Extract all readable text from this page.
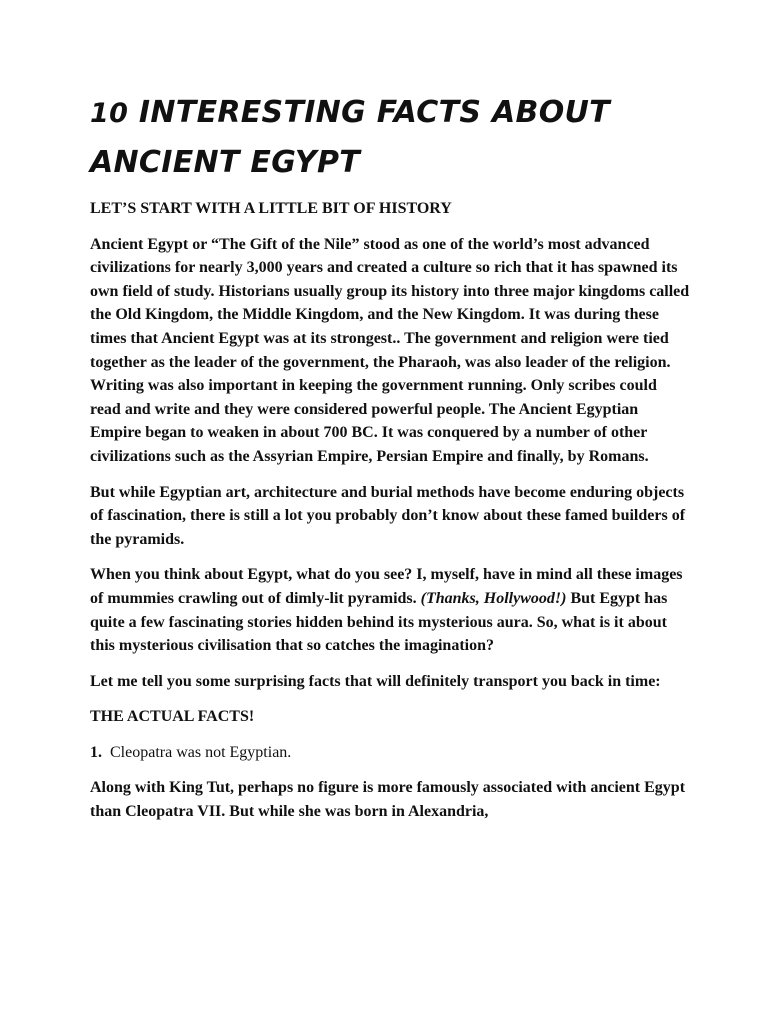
10 INTERESTING FACTS ABOUT ANCIENT EGYPT
LET’S START WITH A LITTLE BIT OF HISTORY
Ancient Egypt or “The Gift of the Nile” stood as one of the world’s most advanced civilizations for nearly 3,000 years and created a culture so rich that it has spawned its own field of study. Historians usually group its history into three major kingdoms called the Old Kingdom, the Middle Kingdom, and the New Kingdom. It was during these times that Ancient Egypt was at its strongest.. The government and religion were tied together as the leader of the government, the Pharaoh, was also leader of the religion. Writing was also important in keeping the government running. Only scribes could read and write and they were considered powerful people. The Ancient Egyptian Empire began to weaken in about 700 BC. It was conquered by a number of other civilizations such as the Assyrian Empire, Persian Empire and finally, by Romans.
But while Egyptian art, architecture and burial methods have become enduring objects of fascination, there is still a lot you probably don’t know about these famed builders of the pyramids.
When you think about Egypt, what do you see? I, myself, have in mind all these images of mummies crawling out of dimly-lit pyramids. (Thanks, Hollywood!) But Egypt has quite a few fascinating stories hidden behind its mysterious aura. So, what is it about this mysterious civilisation that so catches the imagination?
Let me tell you some surprising facts that will definitely transport you back in time:
THE ACTUAL FACTS!
1. Cleopatra was not Egyptian.
Along with King Tut, perhaps no figure is more famously associated with ancient Egypt than Cleopatra VII. But while she was born in Alexandria,
